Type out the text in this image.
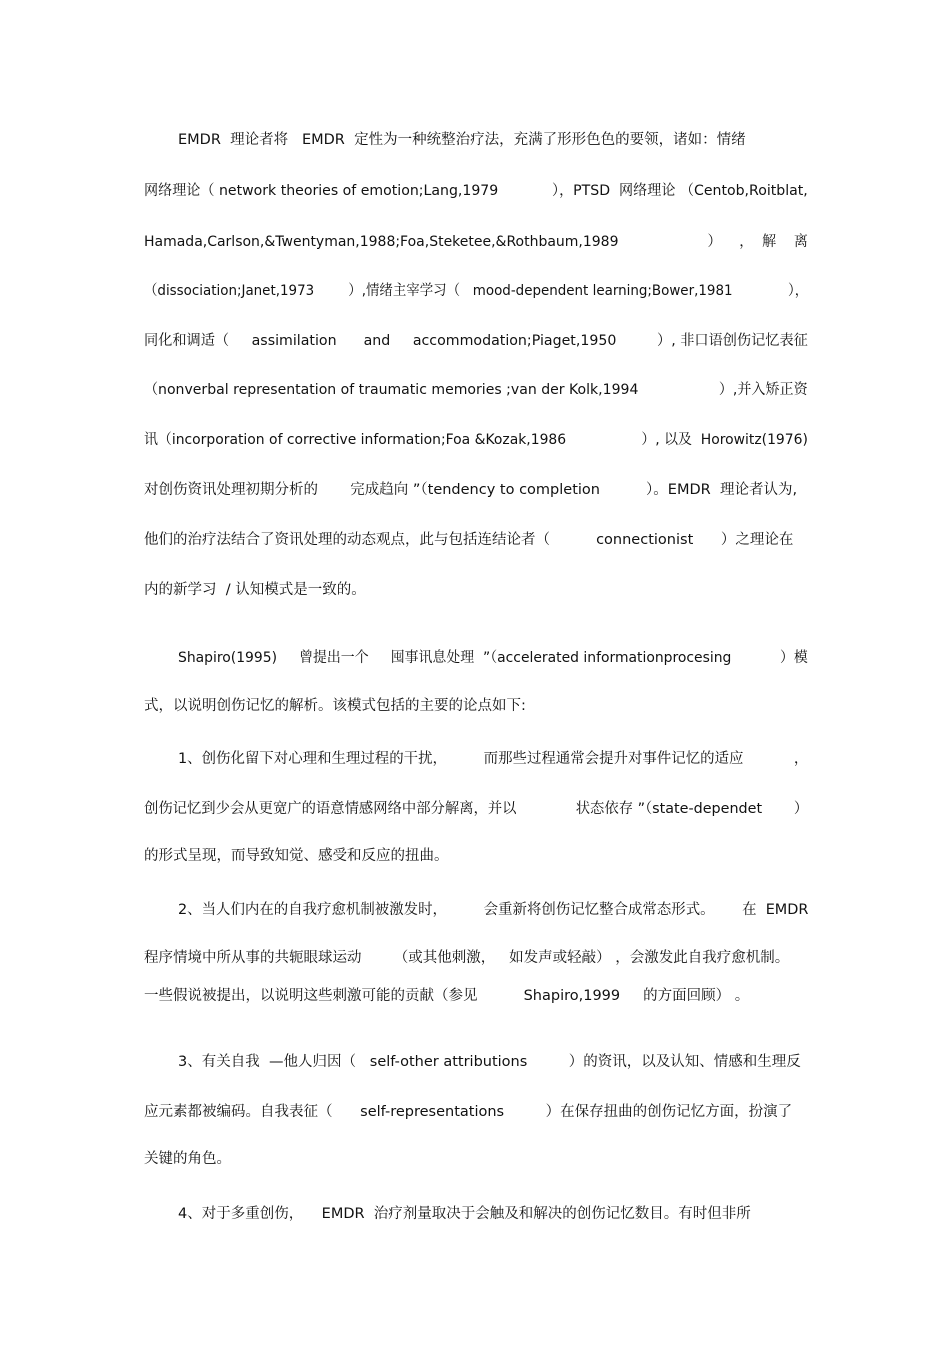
EMDR  理论者将   EMDR  定性为一种统整治疗法，充满了形形色色的要领，诸如：情绪
网络理论（ network theories of emotion;Lang,1979            ），PTSD  网络理论 （Centob,Roitblat,
Hamada,Carlson,&Twentyman,1988;Foa,Steketee,&Rothbaum,1989                    ）    ，  解    离
（dissociation;Janet,1973        ）,情绪主宰学习（   mood-dependent learning;Bower,1981             ），
同化和调适（     assimilation      and     accommodation;Piaget,1950         ）, 非口语创伤记忆表征
（nonverbal representation of traumatic memories ;van der Kolk,1994                  ）,并入矫正资
讯（incorporation of corrective information;Foa &Kozak,1986                 ）, 以及  Horowitz(1976)
对创伤资讯处理初期分析的       完成趋向 ”（tendency to completion          ）。EMDR  理论者认为,
他们的治疗法结合了资讯处理的动态观点，此与包括连结论者（          connectionist      ）之理论在
内的新学习  / 认知模式是一致的。
Shapiro(1995)     曾提出一个     囤事讯息处理  ”（accelerated informationprocesing           ）模
式，以说明创伤记忆的解析。该模式包括的主要的论点如下:
1、创伤化留下对心理和生理过程的干扰，        而那些过程通常会提升对事件记忆的适应           ，
创伤记忆到少会从更宽广的语意情感网络中部分解离，并以             状态依存 ”（state-dependet       ）
的形式呈现，而导致知觉、感受和反应的扭曲。
2、当人们内在的自我疗愈机制被激发时，        会重新将创伤记忆整合成常态形式。      在  EMDR
程序情境中所从事的共轭眼球运动       （或其他刺激，   如发声或轻敲） ，会激发此自我疗愈机制。
一些假说被提出，以说明这些刺激可能的贡献（参见          Shapiro,1999     的方面回顾） 。
3、有关自我  —他人归因（   self-other attributions         ）的资讯，以及认知、情感和生理反
应元素都被编码。自我表征（      self-representations         ）在保存扭曲的创伤记忆方面，扮演了
关键的角色。
4、对于多重创伤，    EMDR  治疗剂量取决于会触及和解决的创伤记忆数目。有时但非所
